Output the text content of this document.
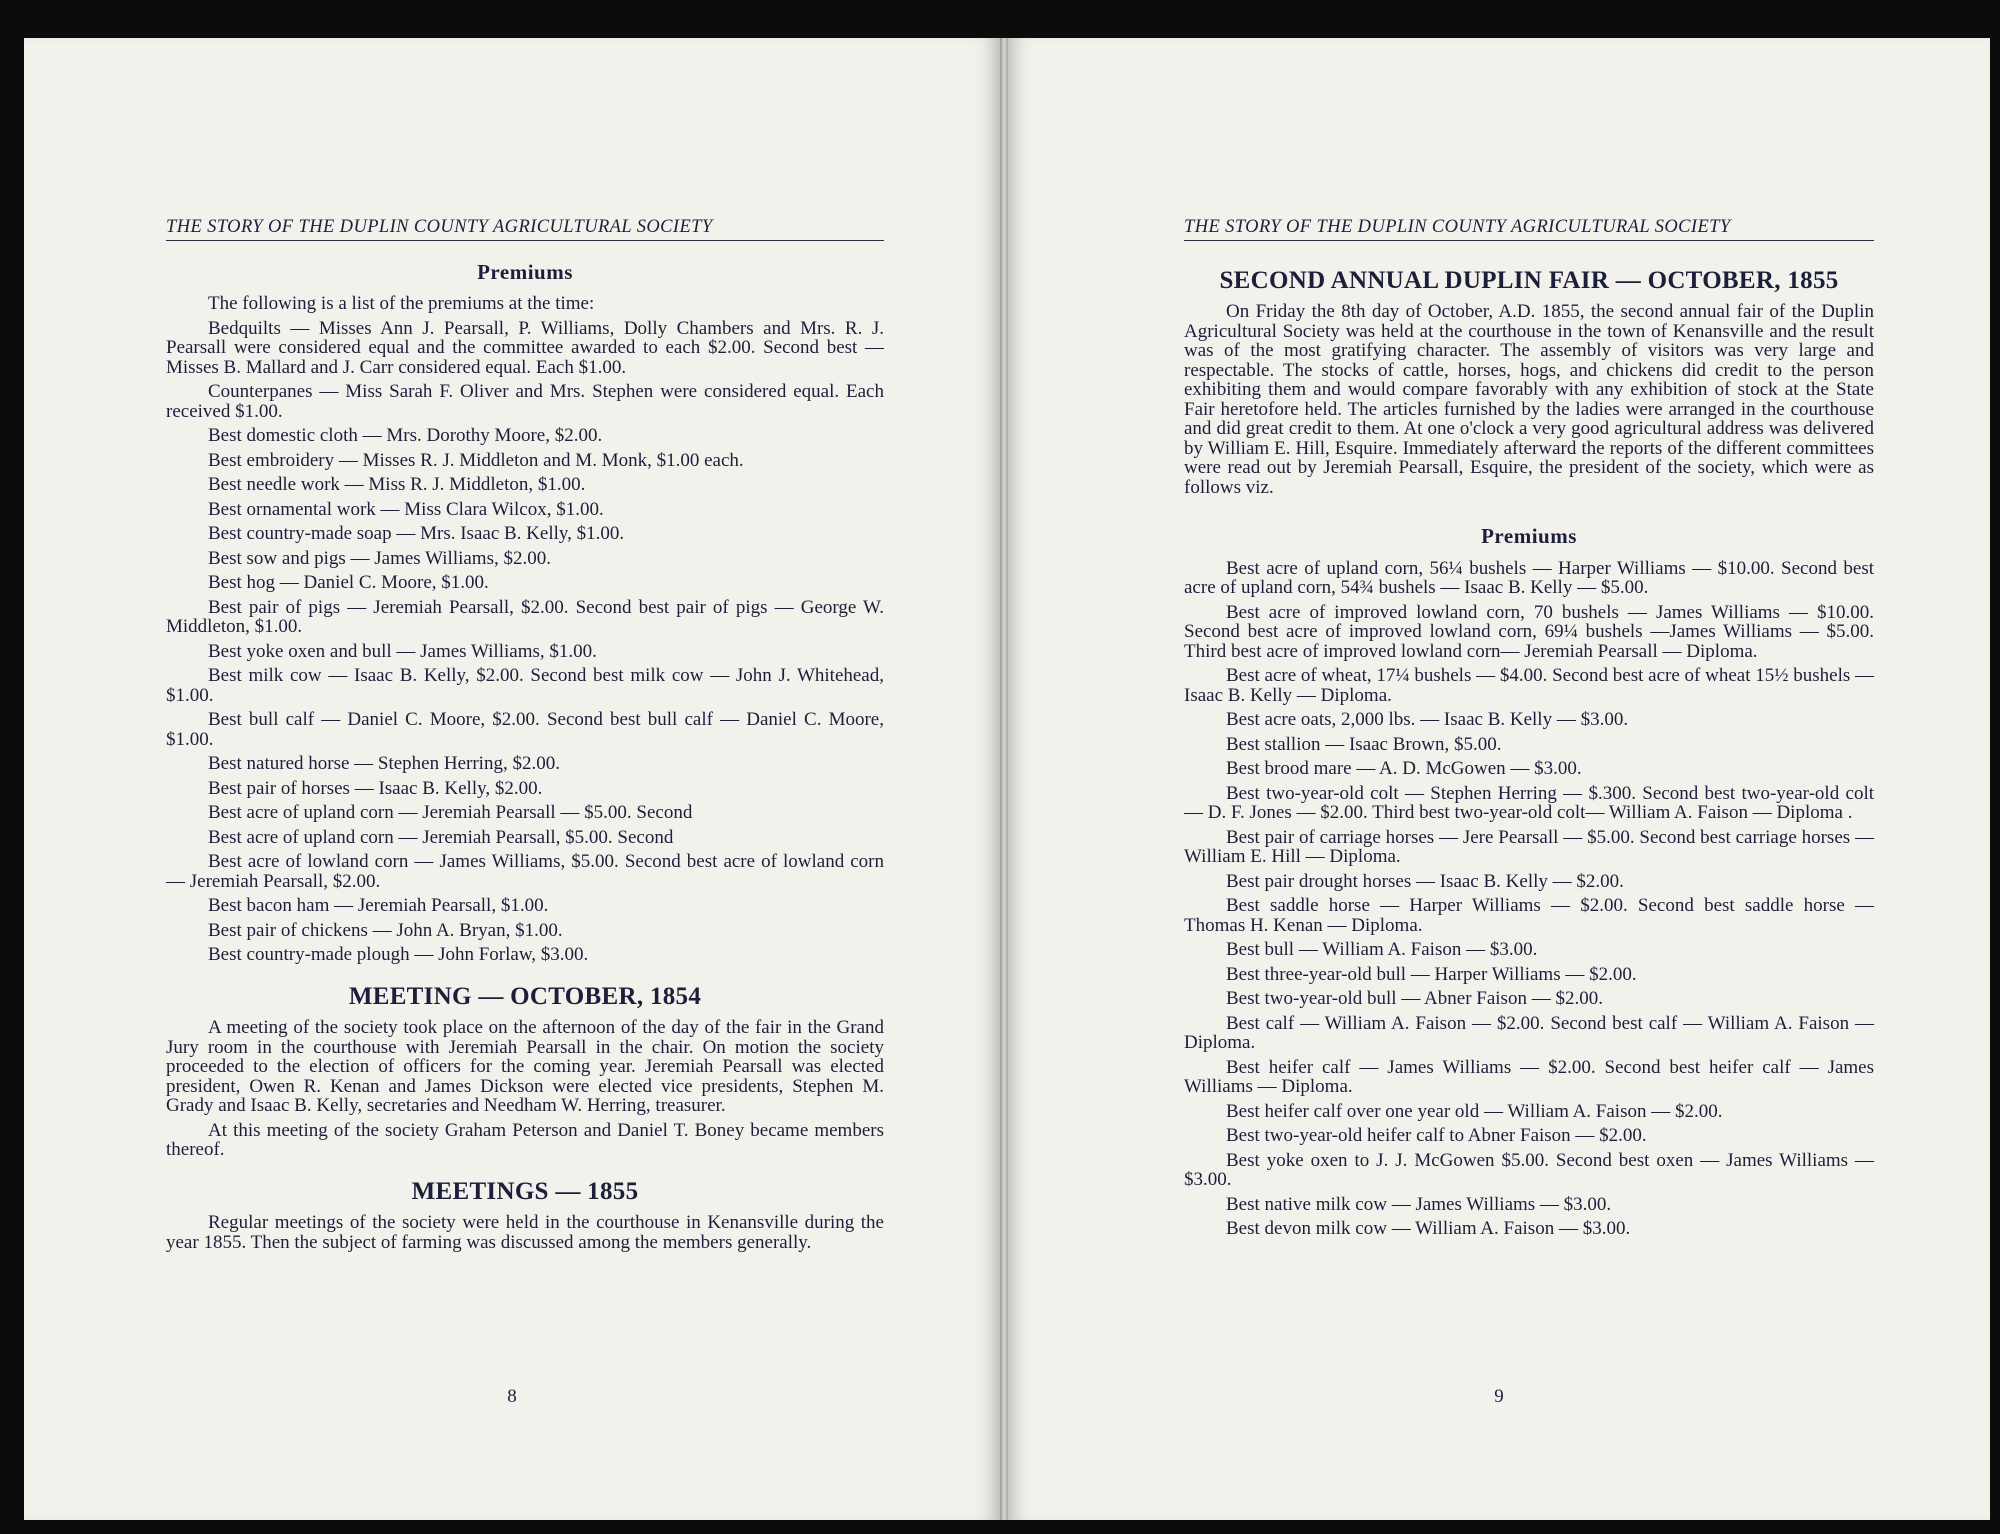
THE STORY OF THE DUPLIN COUNTY AGRICULTURAL SOCIETY
Premiums

The following is a list of the premiums at the time:

Bedquilts — Misses Ann J. Pearsall, P. Williams, Dolly Chambers and Mrs. R. J. Pearsall were considered equal and the committee awarded to each $2.00. Second best — Misses B. Mallard and J. Carr considered equal. Each $1.00.

Counterpanes — Miss Sarah F. Oliver and Mrs. Stephen were considered equal. Each received $1.00.

Best domestic cloth — Mrs. Dorothy Moore, $2.00.

Best embroidery — Misses R. J. Middleton and M. Monk, $1.00 each.

Best needle work — Miss R. J. Middleton, $1.00.

Best ornamental work — Miss Clara Wilcox, $1.00.

Best country-made soap — Mrs. Isaac B. Kelly, $1.00.

Best sow and pigs — James Williams, $2.00.

Best hog — Daniel C. Moore, $1.00.

Best pair of pigs — Jeremiah Pearsall, $2.00. Second best pair of pigs — George W. Middleton, $1.00.

Best yoke oxen and bull — James Williams, $1.00.

Best milk cow — Isaac B. Kelly, $2.00. Second best milk cow — John J. Whitehead, $1.00.

Best bull calf — Daniel C. Moore, $2.00. Second best bull calf — Daniel C. Moore, $1.00.

Best natured horse — Stephen Herring, $2.00.

Best pair of horses — Isaac B. Kelly, $2.00.

Best acre of upland corn — Jeremiah Pearsall — $5.00. Second

Best acre of upland corn — Jeremiah Pearsall, $5.00. Second

Best acre of lowland corn — James Williams, $5.00. Second best acre of lowland corn — Jeremiah Pearsall, $2.00.

Best bacon ham — Jeremiah Pearsall, $1.00.

Best pair of chickens — John A. Bryan, $1.00.

Best country-made plough — John Forlaw, $3.00.

MEETING — OCTOBER, 1854

A meeting of the society took place on the afternoon of the day of the fair in the Grand Jury room in the courthouse with Jeremiah Pearsall in the chair. On motion the society proceeded to the election of officers for the coming year. Jeremiah Pearsall was elected president, Owen R. Kenan and James Dickson were elected vice presidents, Stephen M. Grady and Isaac B. Kelly, secretaries and Needham W. Herring, treasurer.

At this meeting of the society Graham Peterson and Daniel T. Boney became members thereof.

MEETINGS — 1855

Regular meetings of the society were held in the courthouse in Kenansville during the year 1855. Then the subject of farming was discussed among the members generally.

8
THE STORY OF THE DUPLIN COUNTY AGRICULTURAL SOCIETY
SECOND ANNUAL DUPLIN FAIR — OCTOBER, 1855

On Friday the 8th day of October, A.D. 1855, the second annual fair of the Duplin Agricultural Society was held at the courthouse in the town of Kenansville and the result was of the most gratifying character. The assembly of visitors was very large and respectable. The stocks of cattle, horses, hogs, and chickens did credit to the person exhibiting them and would compare favorably with any exhibition of stock at the State Fair heretofore held. The articles furnished by the ladies were arranged in the courthouse and did great credit to them. At one o'clock a very good agricultural address was delivered by William E. Hill, Esquire. Immediately afterward the reports of the different committees were read out by Jeremiah Pearsall, Esquire, the president of the society, which were as follows viz.

Premiums

Best acre of upland corn, 56¼ bushels — Harper Williams — $10.00. Second best acre of upland corn, 54¾ bushels — Isaac B. Kelly — $5.00.

Best acre of improved lowland corn, 70 bushels — James Williams — $10.00. Second best acre of improved lowland corn, 69¼ bushels —James Williams — $5.00. Third best acre of improved lowland corn— Jeremiah Pearsall — Diploma.

Best acre of wheat, 17¼ bushels — $4.00. Second best acre of wheat 15½ bushels — Isaac B. Kelly — Diploma.

Best acre oats, 2,000 lbs. — Isaac B. Kelly — $3.00.

Best stallion — Isaac Brown, $5.00.

Best brood mare — A. D. McGowen — $3.00.

Best two-year-old colt — Stephen Herring — $.300. Second best two-year-old colt — D. F. Jones — $2.00. Third best two-year-old colt— William A. Faison — Diploma .

Best pair of carriage horses — Jere Pearsall — $5.00. Second best carriage horses — William E. Hill — Diploma.

Best pair drought horses — Isaac B. Kelly — $2.00.

Best saddle horse — Harper Williams — $2.00. Second best saddle horse — Thomas H. Kenan — Diploma.

Best bull — William A. Faison — $3.00.

Best three-year-old bull — Harper Williams — $2.00.

Best two-year-old bull — Abner Faison — $2.00.

Best calf — William A. Faison — $2.00. Second best calf — William A. Faison — Diploma.

Best heifer calf — James Williams — $2.00. Second best heifer calf — James Williams — Diploma.

Best heifer calf over one year old — William A. Faison — $2.00.

Best two-year-old heifer calf to Abner Faison — $2.00.

Best yoke oxen to J. J. McGowen $5.00. Second best oxen — James Williams — $3.00.

Best native milk cow — James Williams — $3.00.

Best devon milk cow — William A. Faison — $3.00.

9
